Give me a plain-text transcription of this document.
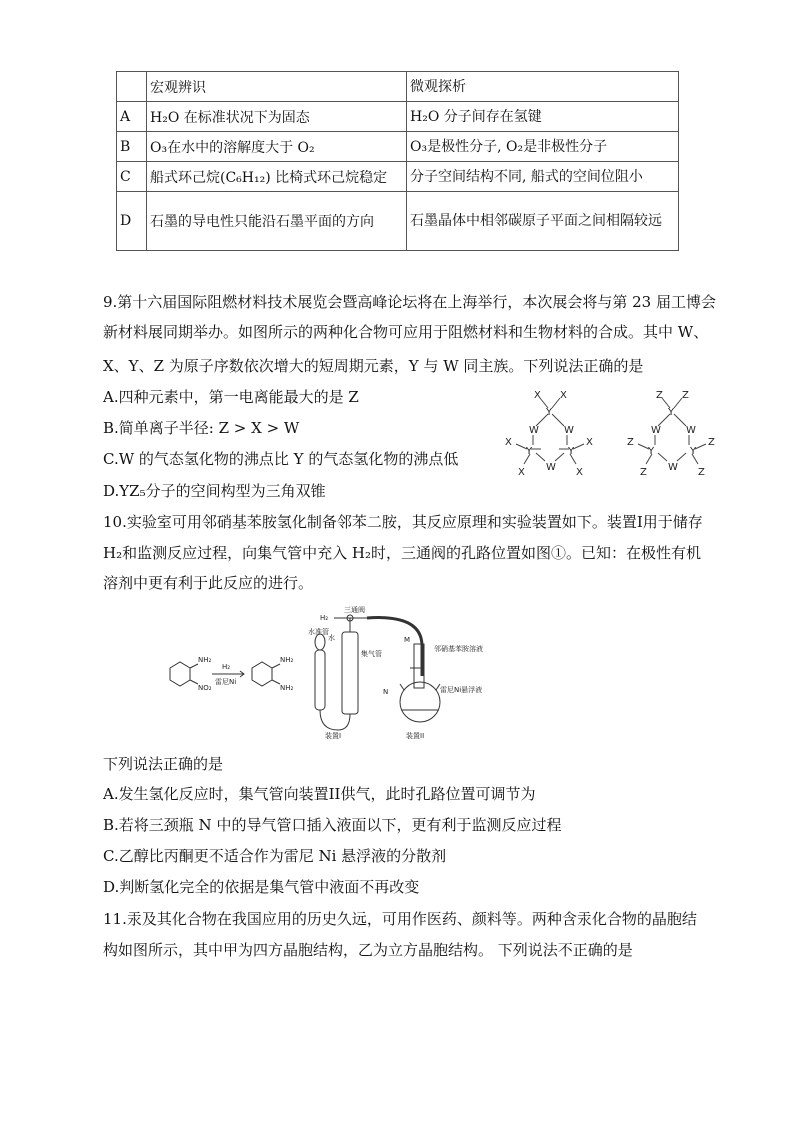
	宏观辨识	微观探析
A	H₂O 在标准状况下为固态	H₂O 分子间存在氢键
B	O₃在水中的溶解度大于 O₂	O₃是极性分子, O₂是非极性分子
C	船式环己烷(C₆H₁₂) 比椅式环己烷稳定	分子空间结构不同, 船式的空间位阻小
D	石墨的导电性只能沿石墨平面的方向	石墨晶体中相邻碳原子平面之间相隔较远
9.第十六届国际阻燃材料技术展览会暨高峰论坛将在上海举行，本次展会将与第 23 届工博会
新材料展同期举办。如图所示的两种化合物可应用于阻燃材料和生物材料的合成。其中 W、
X、Y、Z 为原子序数依次增大的短周期元素，Y 与 W 同主族。下列说法正确的是
A.四种元素中，第一电离能最大的是 Z
B.简单离子半径: Z > X > W
C.W 的气态氢化物的沸点比 Y 的气态氢化物的沸点低
D.YZ₅分子的空间构型为三角双锥
Y
X X
W	W
Y	Y
W
X	X
X	X
Y
Z Z
W	W
Y	Y
W
Z	Z
Z	Z
10.实验室可用邻硝基苯胺氢化制备邻苯二胺，其反应原理和实验装置如下。装置I用于储存
H₂和监测反应过程，向集气管中充入 H₂时，三通阀的孔路位置如图①。已知：在极性有机
溶剂中更有利于此反应的进行。
NH₂
NO₂
H₂
雷尼Ni
NH₂
NH₂
H₂
三通阀
水准管
水
集气管
M
N
邻硝基苯胺溶液
雷尼Ni悬浮液
装置I	装置II
下列说法正确的是
A.发生氢化反应时，集气管向装置II供气，此时孔路位置可调节为
B.若将三颈瓶 N 中的导气管口插入液面以下，更有利于监测反应过程
C.乙醇比丙酮更不适合作为雷尼 Ni 悬浮液的分散剂
D.判断氢化完全的依据是集气管中液面不再改变
11.汞及其化合物在我国应用的历史久远，可用作医药、颜料等。两种含汞化合物的晶胞结
构如图所示，其中甲为四方晶胞结构，乙为立方晶胞结构。 下列说法不正确的是
